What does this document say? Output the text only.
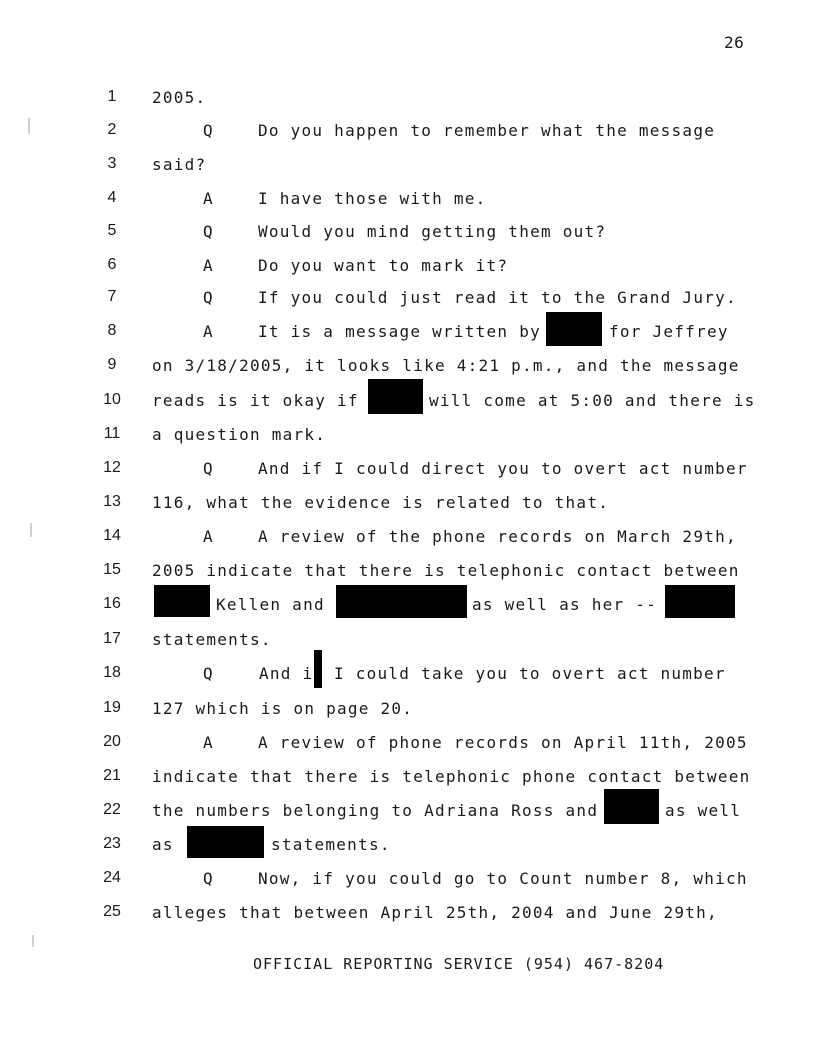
26
1	2005.
2	Q	Do you happen to remember what the message
3	said?
4	A	I have those with me.
5	Q	Would you mind getting them out?
6	A	Do you want to mark it?
7	Q	If you could just read it to the Grand Jury.
8	A	It is a message written by	for Jeffrey
9	on 3/18/2005, it looks like 4:21 p.m., and the message
10 reads is it okay if	will come at 5:00 and there is
11 a question mark.
12	Q	And if I could direct you to overt act number
13 116, what the evidence is related to that.
14	A	A review of the phone records on March 29th,
15 2005 indicate that there is telephonic contact between
16	Kellen and	as well as her --
17 statements.
18	Q	And i I could take you to overt act number
19 127 which is on page 20.
20	A	A review of phone records on April 11th, 2005
21 indicate that there is telephonic phone contact between
22 the numbers belonging to Adriana Ross and	as well
23 as	statements.
24	Q	Now, if you could go to Count number 8, which
25 alleges that between April 25th, 2004 and June 29th,
OFFICIAL REPORTING SERVICE (954) 467-8204
